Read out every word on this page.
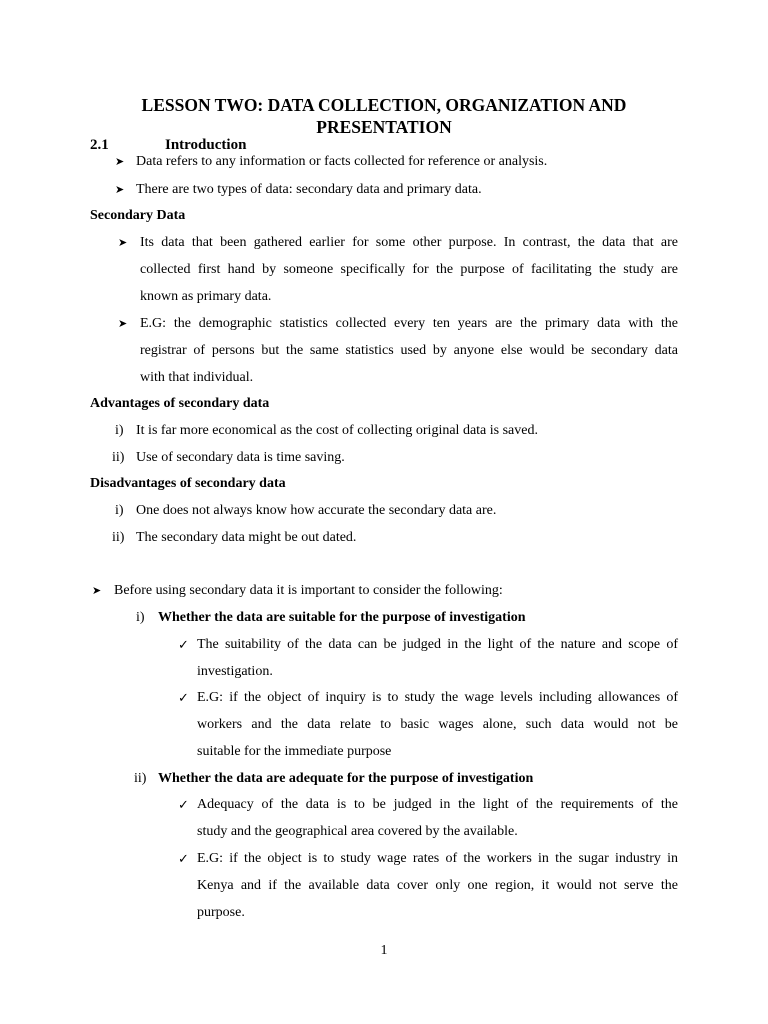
LESSON TWO: DATA COLLECTION, ORGANIZATION AND
PRESENTATION
2.1	Introduction
➤ Data refers to any information or facts collected for reference or analysis.
➤ There are two types of data: secondary data and primary data.
Secondary Data
➤ Its data that been gathered earlier for some other purpose. In contrast, the data that are
collected first hand by someone specifically for the purpose of facilitating the study are
known as primary data.
➤ E.G: the demographic statistics collected every ten years are the primary data with the
registrar of persons but the same statistics used by anyone else would be secondary data
with that individual.
Advantages of secondary data
i) It is far more economical as the cost of collecting original data is saved.
ii) Use of secondary data is time saving.
Disadvantages of secondary data
i) One does not always know how accurate the secondary data are.
ii) The secondary data might be out dated.
➤ Before using secondary data it is important to consider the following:
i) Whether the data are suitable for the purpose of investigation
✓ The suitability of the data can be judged in the light of the nature and scope of
investigation.
✓ E.G: if the object of inquiry is to study the wage levels including allowances of
workers and the data relate to basic wages alone, such data would not be
suitable for the immediate purpose
ii) Whether the data are adequate for the purpose of investigation
✓ Adequacy of the data is to be judged in the light of the requirements of the
study and the geographical area covered by the available.
✓ E.G: if the object is to study wage rates of the workers in the sugar industry in
Kenya and if the available data cover only one region, it would not serve the
purpose.
1
